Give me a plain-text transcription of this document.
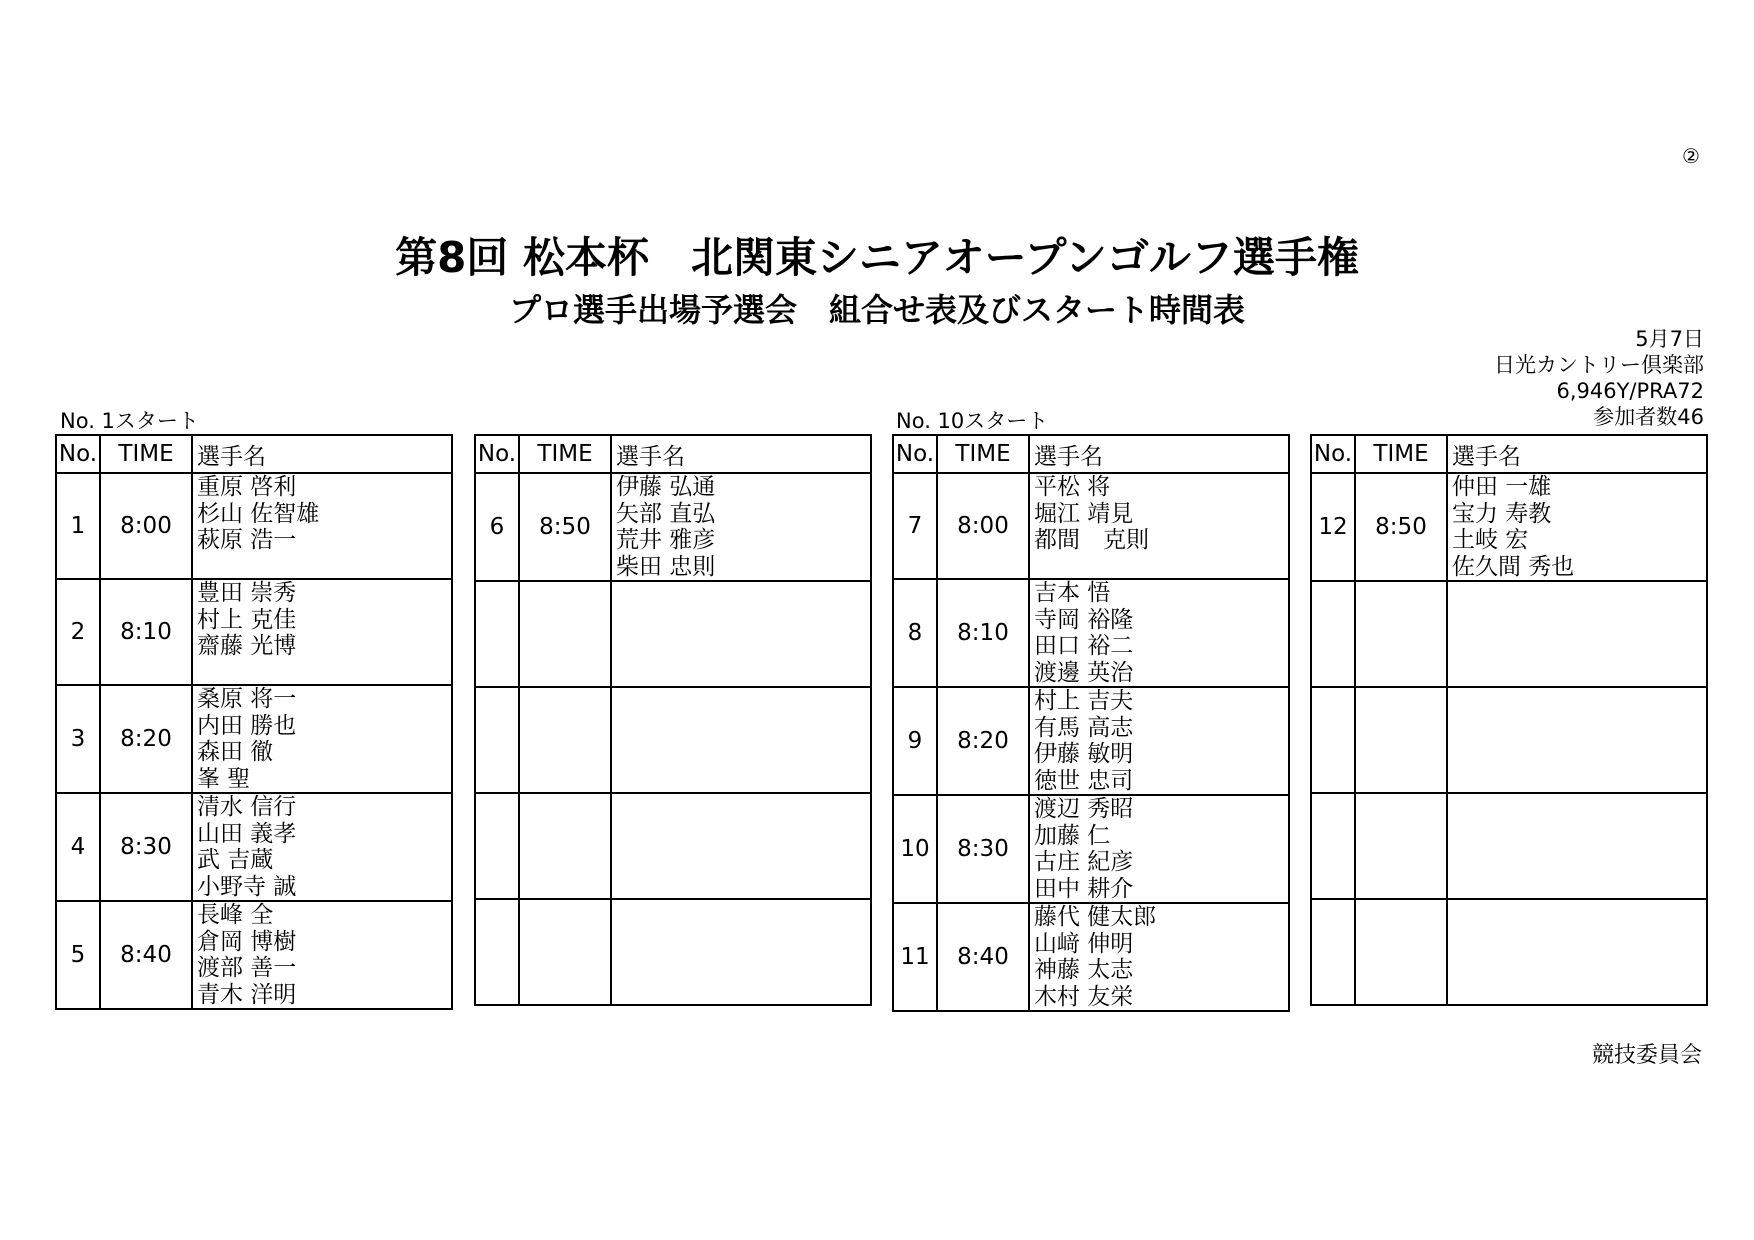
②
第8回 松本杯　北関東シニアオープンゴルフ選手権
プロ選手出場予選会　組合せ表及びスタート時間表
5月7日
日光カントリー倶楽部
6,946Y/PRA72
参加者数46
No. 1スタート	No. 10スタート
No.	TIME	選手名
1	8:00	重原 啓利
杉山 佐智雄
萩原 浩一

2	8:10	豊田 崇秀
村上 克佳
齋藤 光博

3	8:20	桑原 将一
内田 勝也
森田 徹
峯 聖

4	8:30	清水 信行
山田 義孝
武 吉蔵
小野寺 誠

5	8:40	長峰 全
倉岡 博樹
渡部 善一
青木 洋明
No.	TIME	選手名
6	8:50	伊藤 弘通
矢部 直弘
荒井 雅彦
柴田 忠則

No.	TIME	選手名
7	8:00	平松 将
堀江 靖見
都間　克則

8	8:10	吉本 悟
寺岡 裕隆
田口 裕二
渡邊 英治

9	8:20	村上 吉夫
有馬 高志
伊藤 敏明
徳世 忠司

10	8:30	渡辺 秀昭
加藤 仁
古庄 紀彦
田中 耕介

11	8:40	藤代 健太郎
山﨑 伸明
神藤 太志
木村 友栄
No.	TIME	選手名
12	8:50	仲田 一雄
宝力 寿教
土岐 宏
佐久間 秀也

競技委員会
